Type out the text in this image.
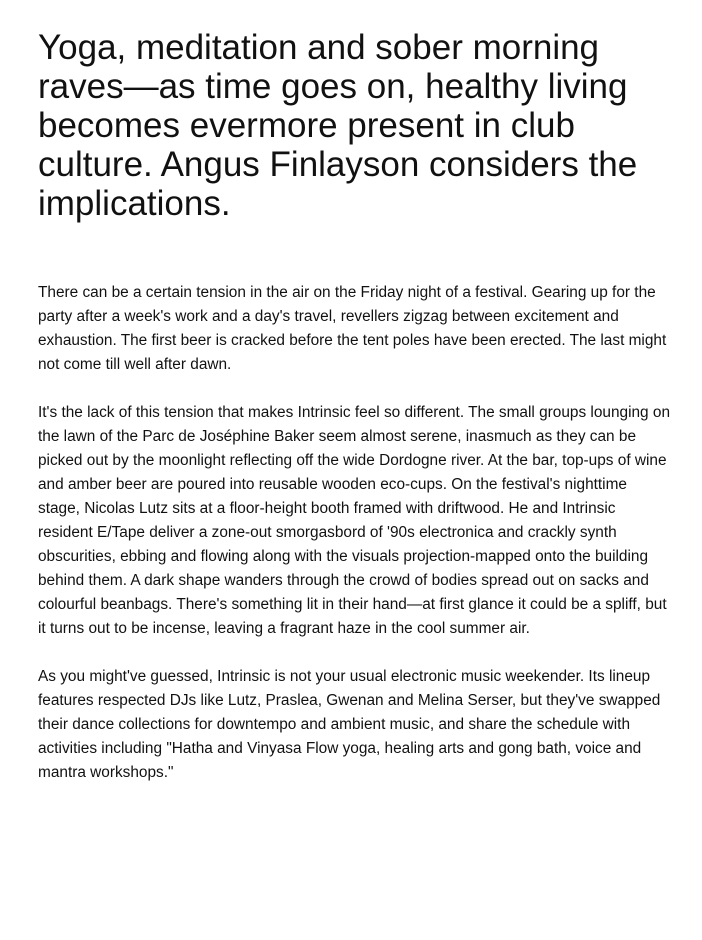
Yoga, meditation and sober morning raves—as time goes on, healthy living becomes evermore present in club culture. Angus Finlayson considers the implications.

There can be a certain tension in the air on the Friday night of a festival. Gearing up for the party after a week's work and a day's travel, revellers zigzag between excitement and exhaustion. The first beer is cracked before the tent poles have been erected. The last might not come till well after dawn.

It's the lack of this tension that makes Intrinsic feel so different. The small groups lounging on the lawn of the Parc de Joséphine Baker seem almost serene, inasmuch as they can be picked out by the moonlight reflecting off the wide Dordogne river. At the bar, top-ups of wine and amber beer are poured into reusable wooden eco-cups. On the festival's nighttime stage, Nicolas Lutz sits at a floor-height booth framed with driftwood. He and Intrinsic resident E/Tape deliver a zone-out smorgasbord of '90s electronica and crackly synth obscurities, ebbing and flowing along with the visuals projection-mapped onto the building behind them. A dark shape wanders through the crowd of bodies spread out on sacks and colourful beanbags. There's something lit in their hand—at first glance it could be a spliff, but it turns out to be incense, leaving a fragrant haze in the cool summer air.

As you might've guessed, Intrinsic is not your usual electronic music weekender. Its lineup features respected DJs like Lutz, Praslea, Gwenan and Melina Serser, but they've swapped their dance collections for downtempo and ambient music, and share the schedule with activities including "Hatha and Vinyasa Flow yoga, healing arts and gong bath, voice and mantra workshops."
